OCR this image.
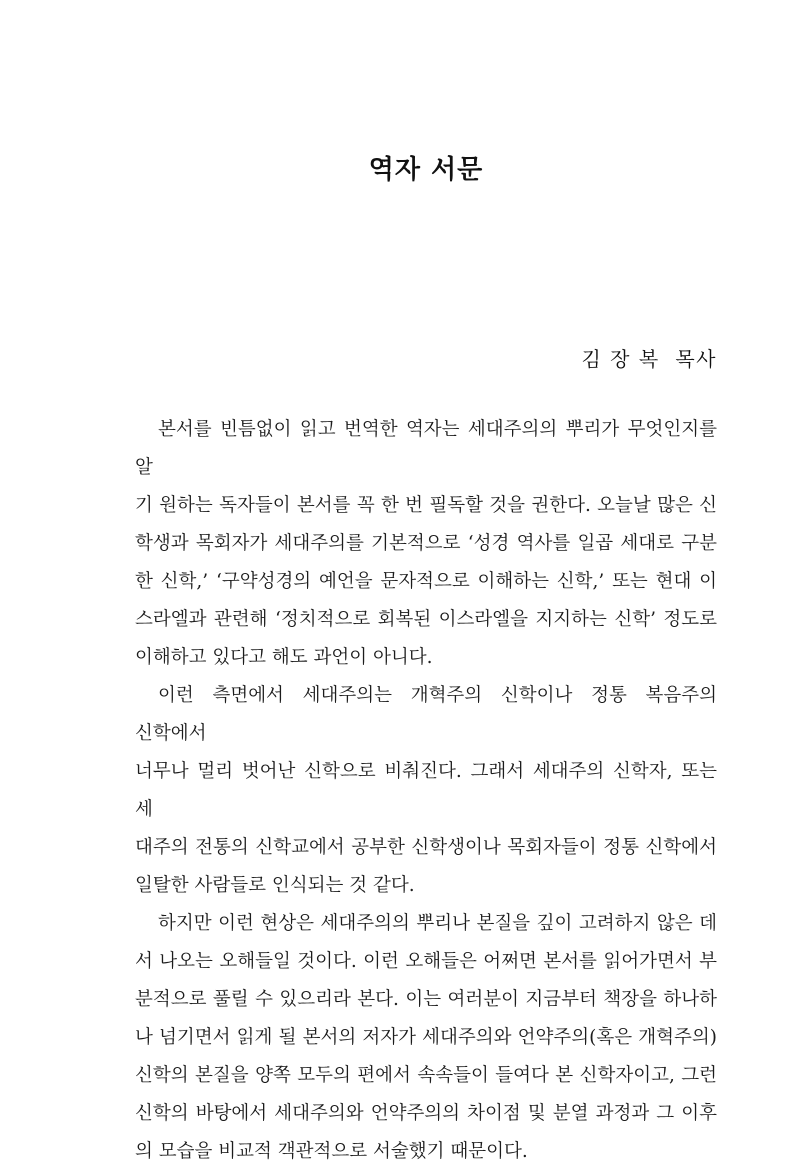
역자 서문
김 장 복  목사
본서를 빈틈없이 읽고 번역한 역자는 세대주의의 뿌리가 무엇인지를 알
기 원하는 독자들이 본서를 꼭 한 번 필독할 것을 권한다. 오늘날 많은 신
학생과 목회자가 세대주의를 기본적으로 ‘성경 역사를 일곱 세대로 구분
한 신학,’ ‘구약성경의 예언을 문자적으로 이해하는 신학,’ 또는 현대 이
스라엘과 관련해 ‘정치적으로 회복된 이스라엘을 지지하는 신학’ 정도로
이해하고 있다고 해도 과언이 아니다.
이런 측면에서 세대주의는 개혁주의 신학이나 정통 복음주의 신학에서
너무나 멀리 벗어난 신학으로 비춰진다. 그래서 세대주의 신학자, 또는 세
대주의 전통의 신학교에서 공부한 신학생이나 목회자들이 정통 신학에서
일탈한 사람들로 인식되는 것 같다.
하지만 이런 현상은 세대주의의 뿌리나 본질을 깊이 고려하지 않은 데
서 나오는 오해들일 것이다. 이런 오해들은 어쩌면 본서를 읽어가면서 부
분적으로 풀릴 수 있으리라 본다. 이는 여러분이 지금부터 책장을 하나하
나 넘기면서 읽게 될 본서의 저자가 세대주의와 언약주의(혹은 개혁주의)
신학의 본질을 양쪽 모두의 편에서 속속들이 들여다 본 신학자이고, 그런
신학의 바탕에서 세대주의와 언약주의의 차이점 및 분열 과정과 그 이후
의 모습을 비교적 객관적으로 서술했기 때문이다.
